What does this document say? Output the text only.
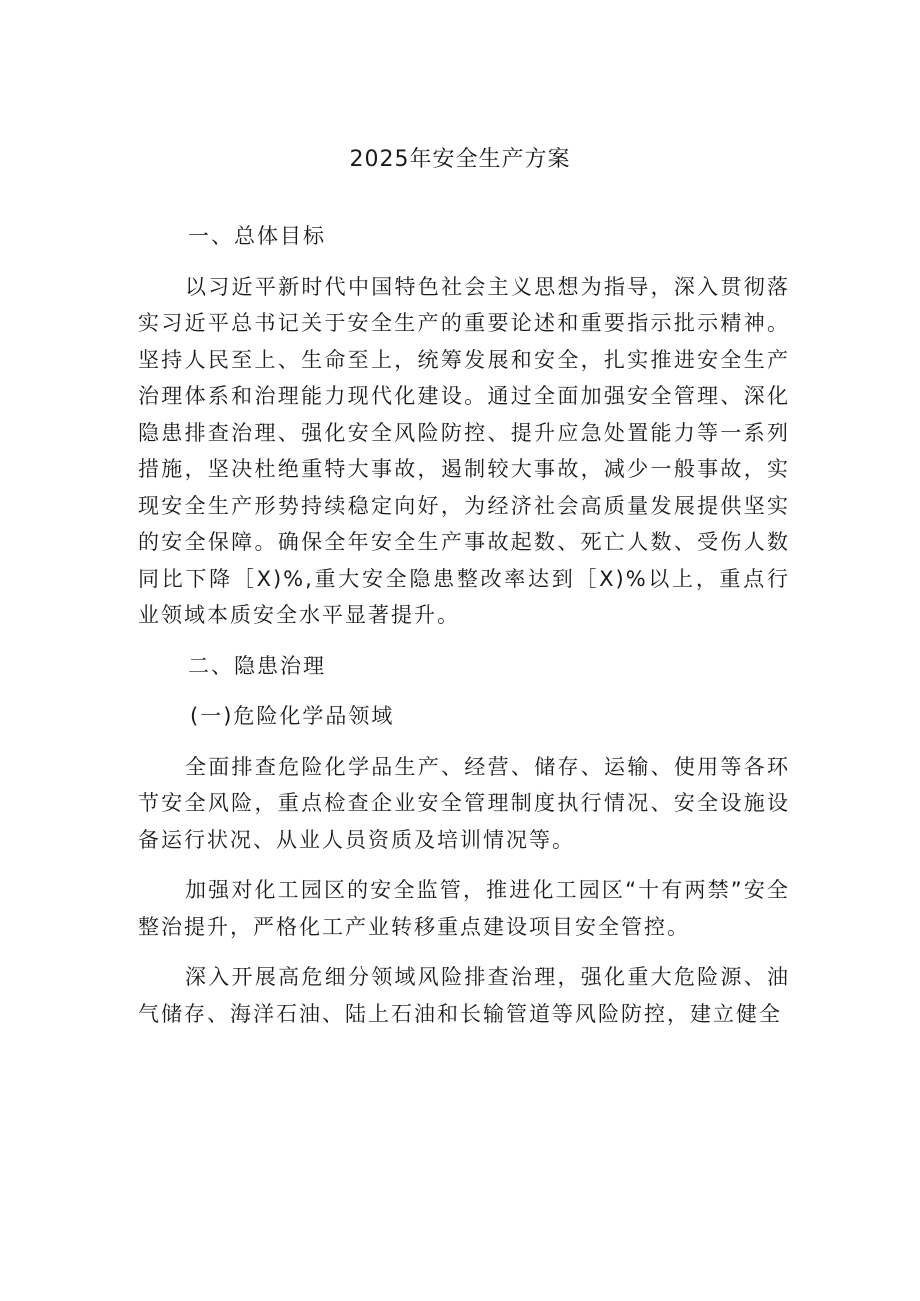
2025年安全生产方案
一、总体目标

以习近平新时代中国特色社会主义思想为指导，深入贯彻落实习近平总书记关于安全生产的重要论述和重要指示批示精神。坚持人民至上、生命至上，统筹发展和安全，扎实推进安全生产治理体系和治理能力现代化建设。通过全面加强安全管理、深化隐患排查治理、强化安全风险防控、提升应急处置能力等一系列措施，坚决杜绝重特大事故，遏制较大事故，减少一般事故，实现安全生产形势持续稳定向好，为经济社会高质量发展提供坚实的安全保障。确保全年安全生产事故起数、死亡人数、受伤人数同比下降［X)%,重大安全隐患整改率达到［X)%以上，重点行业领域本质安全水平显著提升。

二、隐患治理
(一)危险化学品领域

全面排查危险化学品生产、经营、储存、运输、使用等各环节安全风险，重点检查企业安全管理制度执行情况、安全设施设备运行状况、从业人员资质及培训情况等。

加强对化工园区的安全监管，推进化工园区“十有两禁”安全整治提升，严格化工产业转移重点建设项目安全管控。

深入开展高危细分领域风险排查治理，强化重大危险源、油气储存、海洋石油、陆上石油和长输管道等风险防控，建立健全
